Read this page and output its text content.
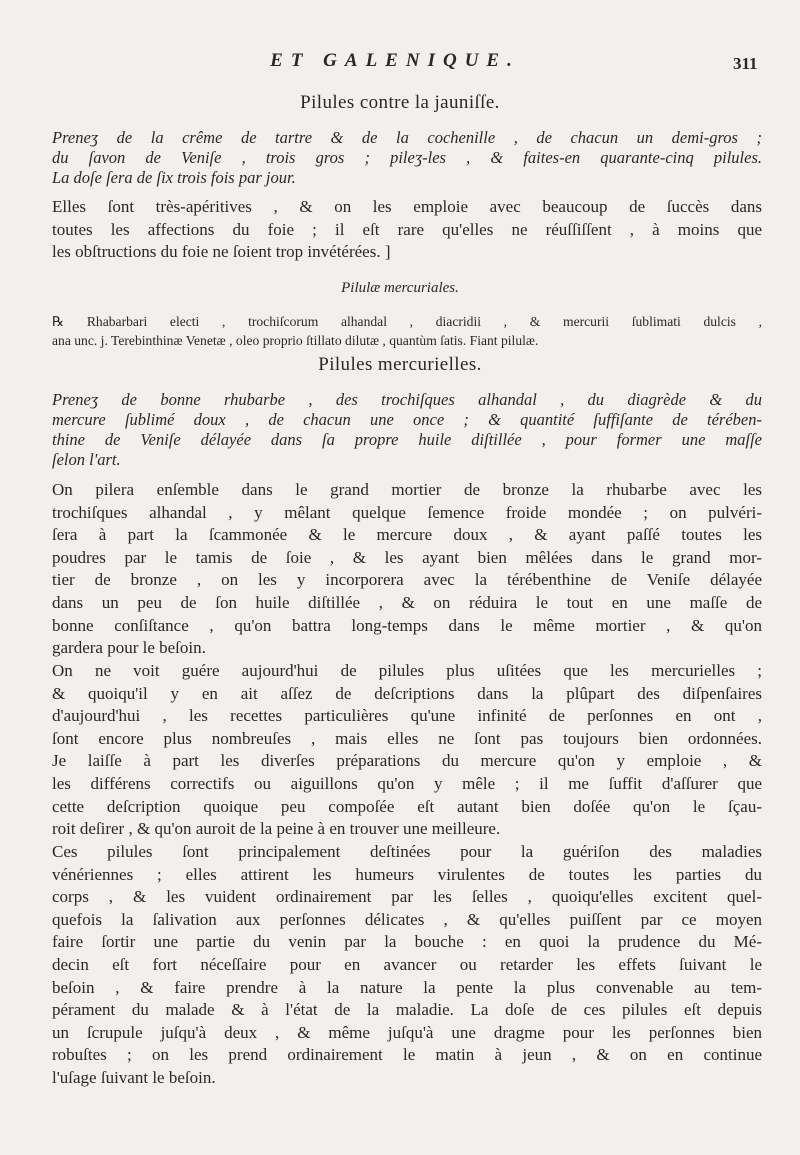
ET GALENIQUE.	311
Pilules contre la jauniſſe.
Preneʒ de la crême de tartre & de la cochenille , de chacun un demi-gros ;
du ſavon de Veniſe , trois gros ; pileʒ-les , & faites-en quarante-cinq pilules.
La doſe ſera de ſix trois fois par jour.
Elles ſont très-apéritives , & on les emploie avec beaucoup de ſuccès dans
toutes les affections du foie ; il eſt rare qu'elles ne réuſſiſſent , à moins que
les obſtructions du foie ne ſoient trop invétérées. ]
Pilulæ mercuriales.
℞ Rhabarbari electi , trochiſcorum alhandal , diacridii , & mercurii ſublimati dulcis ,
ana unc. j. Terebinthinæ Venetæ , oleo proprio ſtillato dilutæ , quantùm ſatis. Fiant pilulæ.
Pilules mercurielles.
Preneʒ de bonne rhubarbe , des trochiſques alhandal , du diagrède & du
mercure ſublimé doux , de chacun une once ; & quantité ſuffiſante de térében-
thine de Veniſe délayée dans ſa propre huile diſtillée , pour former une maſſe
ſelon l'art.
On pilera enſemble dans le grand mortier de bronze la rhubarbe avec les
trochiſques alhandal , y mêlant quelque ſemence froide mondée ; on pulvéri-
ſera à part la ſcammonée & le mercure doux , & ayant paſſé toutes les
poudres par le tamis de ſoie , & les ayant bien mêlées dans le grand mor-
tier de bronze , on les y incorporera avec la térébenthine de Veniſe délayée
dans un peu de ſon huile diſtillée , & on réduira le tout en une maſſe de
bonne conſiſtance , qu'on battra long-temps dans le même mortier , & qu'on
gardera pour le beſoin.
On ne voit guére aujourd'hui de pilules plus uſitées que les mercurielles ;
& quoiqu'il y en ait aſſez de deſcriptions dans la plûpart des diſpenſaires
d'aujourd'hui , les recettes particulières qu'une infinité de perſonnes en ont ,
ſont encore plus nombreuſes , mais elles ne ſont pas toujours bien ordonnées.
Je laiſſe à part les diverſes préparations du mercure qu'on y emploie , &
les différens correctifs ou aiguillons qu'on y mêle ; il me ſuffit d'aſſurer que
cette deſcription quoique peu compoſée eſt autant bien doſée qu'on le ſçau-
roit deſirer , & qu'on auroit de la peine à en trouver une meilleure.
Ces pilules ſont principalement deſtinées pour la guériſon des maladies
vénériennes ; elles attirent les humeurs virulentes de toutes les parties du
corps , & les vuident ordinairement par les ſelles , quoiqu'elles excitent quel-
quefois la ſalivation aux perſonnes délicates , & qu'elles puiſſent par ce moyen
faire ſortir une partie du venin par la bouche : en quoi la prudence du Mé-
decin eſt fort néceſſaire pour en avancer ou retarder les effets ſuivant le
beſoin , & faire prendre à la nature la pente la plus convenable au tem-
pérament du malade & à l'état de la maladie. La doſe de ces pilules eſt depuis
un ſcrupule juſqu'à deux , & même juſqu'à une dragme pour les perſonnes bien
robuſtes ; on les prend ordinairement le matin à jeun , & on en continue
l'uſage ſuivant le beſoin.
